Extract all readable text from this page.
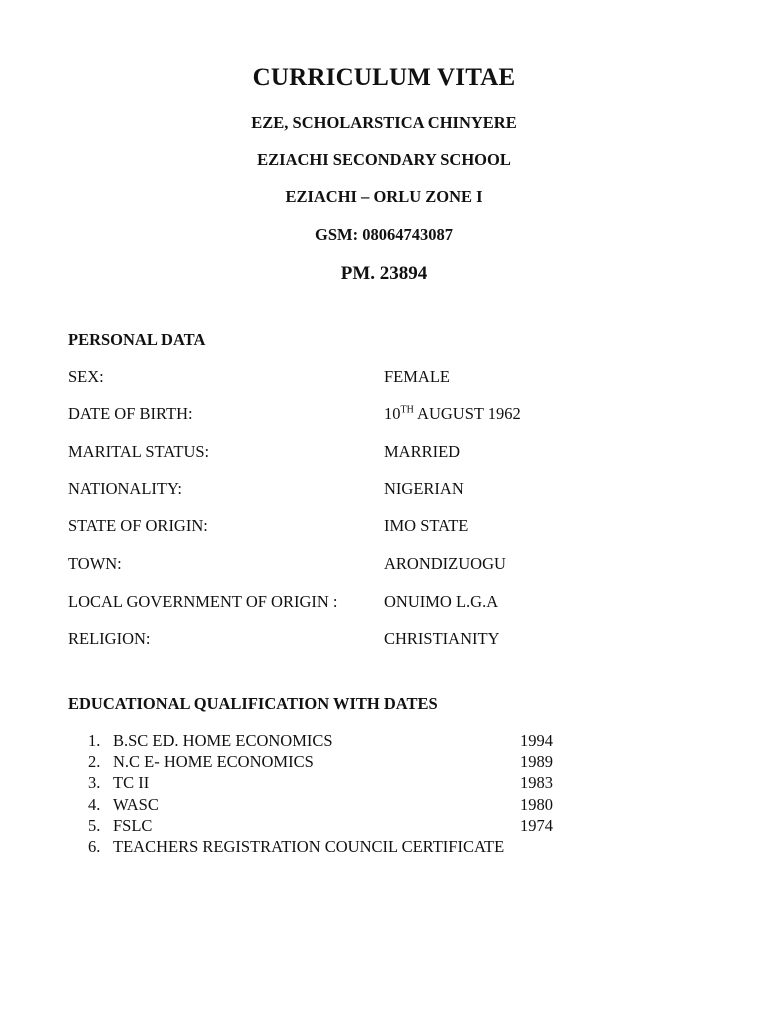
CURRICULUM VITAE
EZE, SCHOLARSTICA CHINYERE
EZIACHI SECONDARY SCHOOL
EZIACHI – ORLU ZONE I
GSM: 08064743087
PM. 23894
PERSONAL DATA
SEX:	FEMALE
DATE OF BIRTH:	10TH AUGUST 1962
MARITAL STATUS:	MARRIED
NATIONALITY:	NIGERIAN
STATE OF ORIGIN:	IMO STATE
TOWN:	ARONDIZUOGU
LOCAL GOVERNMENT OF ORIGIN :	ONUIMO L.G.A
RELIGION:	CHRISTIANITY
EDUCATIONAL QUALIFICATION WITH DATES
1. B.SC ED. HOME ECONOMICS	1994
2. N.C E- HOME ECONOMICS	1989
3. TC II	1983
4. WASC	1980
5. FSLC	1974
6. TEACHERS REGISTRATION COUNCIL CERTIFICATE
